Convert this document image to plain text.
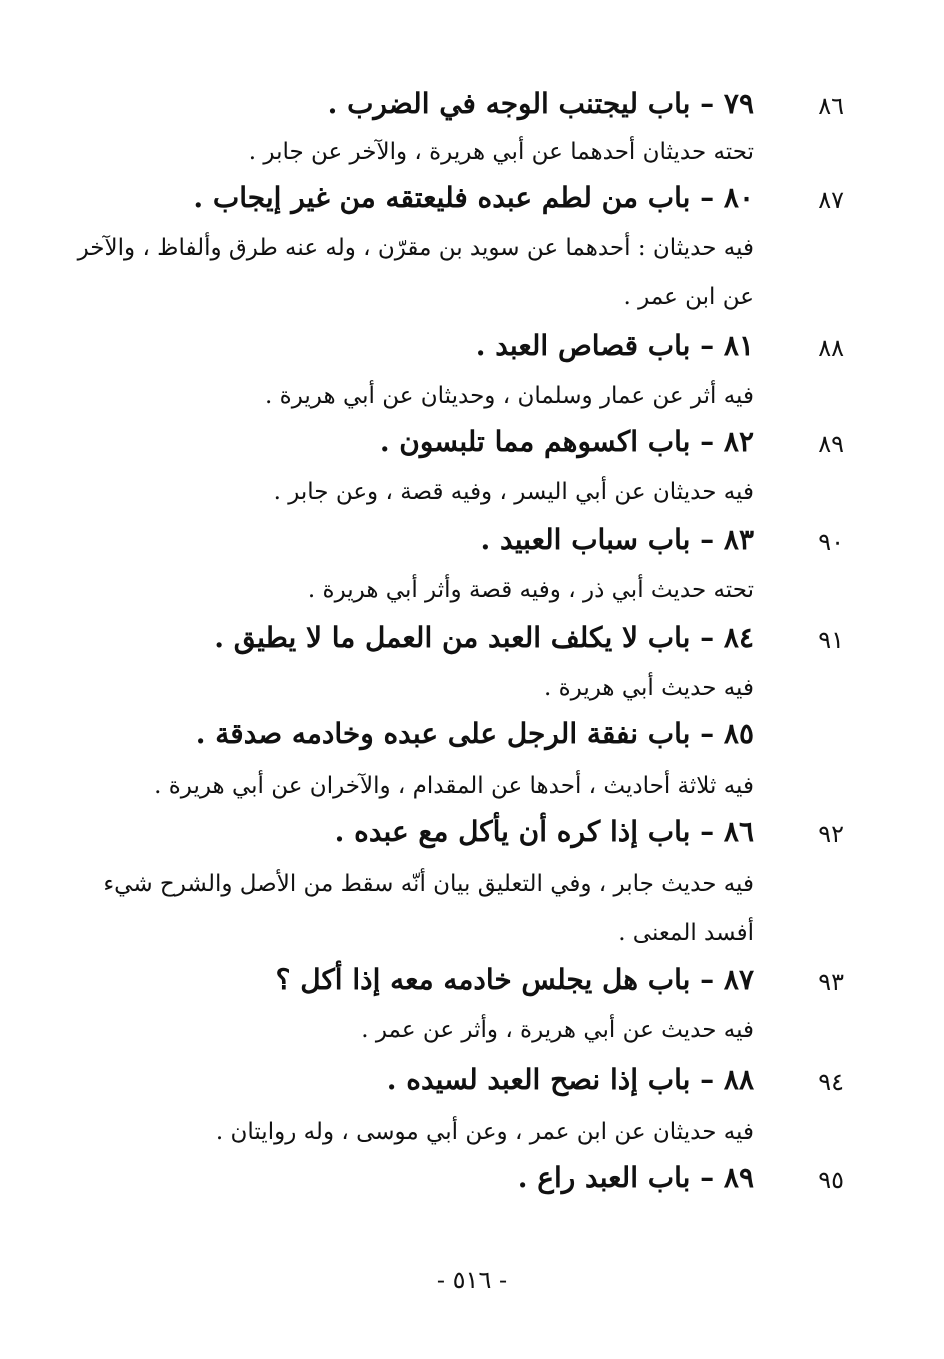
٨٦
٧٩ – باب ليجتنب الوجه في الضرب .
تحته حديثان أحدهما عن أبي هريرة ، والآخر عن جابر .
٨٧
٨٠ – باب من لطم عبده فليعتقه من غير إيجاب .
فيه حديثان : أحدهما عن سويد بن مقرّن ، وله عنه طرق وألفاظ ، والآخر عن ابن عمر .
٨٨
٨١ – باب قصاص العبد .
فيه أثر عن عمار وسلمان ، وحديثان عن أبي هريرة .
٨٩
٨٢ – باب اكسوهم مما تلبسون .
فيه حديثان عن أبي اليسر ، وفيه قصة ، وعن جابر .
٩٠
٨٣ – باب سباب العبيد .
تحته حديث أبي ذر ، وفيه قصة وأثر أبي هريرة .
٩١
٨٤ – باب لا يكلف العبد من العمل ما لا يطيق .
فيه حديث أبي هريرة .
٨٥ – باب نفقة الرجل على عبده وخادمه صدقة .
فيه ثلاثة أحاديث ، أحدها عن المقدام ، والآخران عن أبي هريرة .
٩٢
٨٦ – باب إذا كره أن يأكل مع عبده .
فيه حديث جابر ، وفي التعليق بيان أنّه سقط من الأصل والشرح شيء أفسد المعنى .
٩٣
٨٧ – باب هل يجلس خادمه معه إذا أكل ؟
فيه حديث عن أبي هريرة ، وأثر عن عمر .
٩٤
٨٨ – باب إذا نصح العبد لسيده .
فيه حديثان عن ابن عمر ، وعن أبي موسى ، وله روايتان .
٩٥
٨٩ – باب العبد راع .
- ٥١٦ -
